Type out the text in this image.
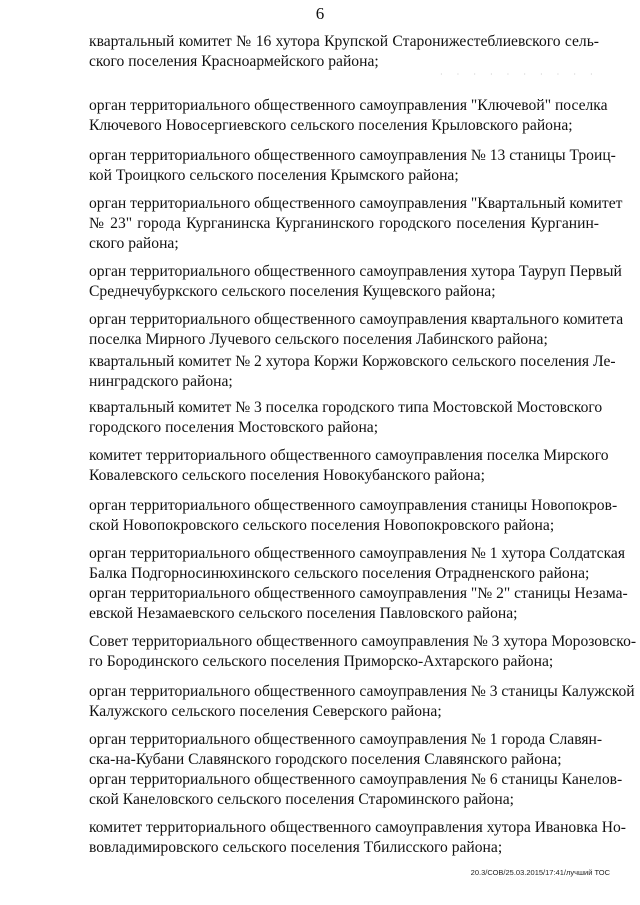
6
· · · · · · · · · ·
квартальный комитет № 16 хутора Крупской Старонижестеблиевского сель-
ского поселения Красноармейского района;
орган территориального общественного самоуправления "Ключевой" поселка
Ключевого Новосергиевского сельского поселения Крыловского района;
орган территориального общественного самоуправления № 13 станицы Троиц-
кой Троицкого сельского поселения Крымского района;
орган территориального общественного самоуправления "Квартальный комитет
№ 23" города Курганинска Курганинского городского поселения Курганин-
ского района;
орган территориального общественного самоуправления хутора Тауруп Первый
Среднечубуркского сельского поселения Кущевского района;
орган территориального общественного самоуправления квартального комитета
поселка Мирного Лучевого сельского поселения Лабинского района;
квартальный комитет № 2 хутора Коржи Коржовского сельского поселения Ле-
нинградского района;
квартальный комитет № 3 поселка городского типа Мостовской Мостовского
городского поселения Мостовского района;
комитет территориального общественного самоуправления поселка Мирского
Ковалевского сельского поселения Новокубанского района;
орган территориального общественного самоуправления станицы Новопокров-
ской Новопокровского сельского поселения Новопокровского района;
орган территориального общественного самоуправления № 1 хутора Солдатская
Балка Подгорносинюхинского сельского поселения Отрадненского района;
орган территориального общественного самоуправления "№ 2" станицы Незама-
евской Незамаевского сельского поселения Павловского района;
Совет территориального общественного самоуправления № 3 хутора Морозовско-
го Бородинского сельского поселения Приморско-Ахтарского района;
орган территориального общественного самоуправления № 3 станицы Калужской
Калужского сельского поселения Северского района;
орган территориального общественного самоуправления № 1 города Славян-
ска-на-Кубани Славянского городского поселения Славянского района;
орган территориального общественного самоуправления № 6 станицы Канелов-
ской Канеловского сельского поселения Староминского района;
комитет территориального общественного самоуправления хутора Ивановка Но-
вовладимировского сельского поселения Тбилисского района;
20.3/СОВ/25.03.2015/17:41/лучший ТОС
